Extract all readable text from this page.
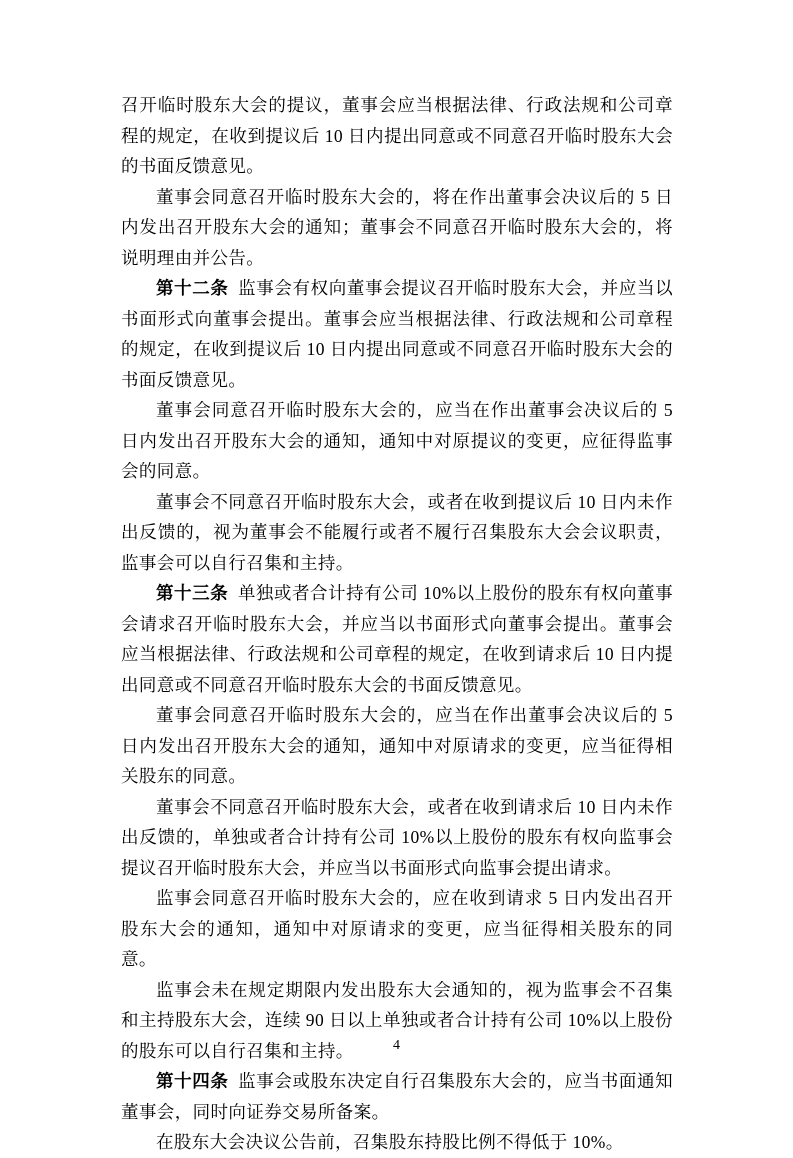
召开临时股东大会的提议，董事会应当根据法律、行政法规和公司章程的规定，在收到提议后 10 日内提出同意或不同意召开临时股东大会的书面反馈意见。

董事会同意召开临时股东大会的，将在作出董事会决议后的 5 日内发出召开股东大会的通知；董事会不同意召开临时股东大会的，将说明理由并公告。

第十二条 监事会有权向董事会提议召开临时股东大会，并应当以书面形式向董事会提出。董事会应当根据法律、行政法规和公司章程的规定，在收到提议后 10 日内提出同意或不同意召开临时股东大会的书面反馈意见。

董事会同意召开临时股东大会的，应当在作出董事会决议后的 5 日内发出召开股东大会的通知，通知中对原提议的变更，应征得监事会的同意。

董事会不同意召开临时股东大会，或者在收到提议后 10 日内未作出反馈的，视为董事会不能履行或者不履行召集股东大会会议职责，监事会可以自行召集和主持。

第十三条 单独或者合计持有公司 10%以上股份的股东有权向董事会请求召开临时股东大会，并应当以书面形式向董事会提出。董事会应当根据法律、行政法规和公司章程的规定，在收到请求后 10 日内提出同意或不同意召开临时股东大会的书面反馈意见。

董事会同意召开临时股东大会的，应当在作出董事会决议后的 5 日内发出召开股东大会的通知，通知中对原请求的变更，应当征得相关股东的同意。

董事会不同意召开临时股东大会，或者在收到请求后 10 日内未作出反馈的，单独或者合计持有公司 10%以上股份的股东有权向监事会提议召开临时股东大会，并应当以书面形式向监事会提出请求。

监事会同意召开临时股东大会的，应在收到请求 5 日内发出召开股东大会的通知，通知中对原请求的变更，应当征得相关股东的同意。

监事会未在规定期限内发出股东大会通知的，视为监事会不召集和主持股东大会，连续 90 日以上单独或者合计持有公司 10%以上股份的股东可以自行召集和主持。

第十四条 监事会或股东决定自行召集股东大会的，应当书面通知董事会，同时向证券交易所备案。

在股东大会决议公告前，召集股东持股比例不得低于 10%。

4
